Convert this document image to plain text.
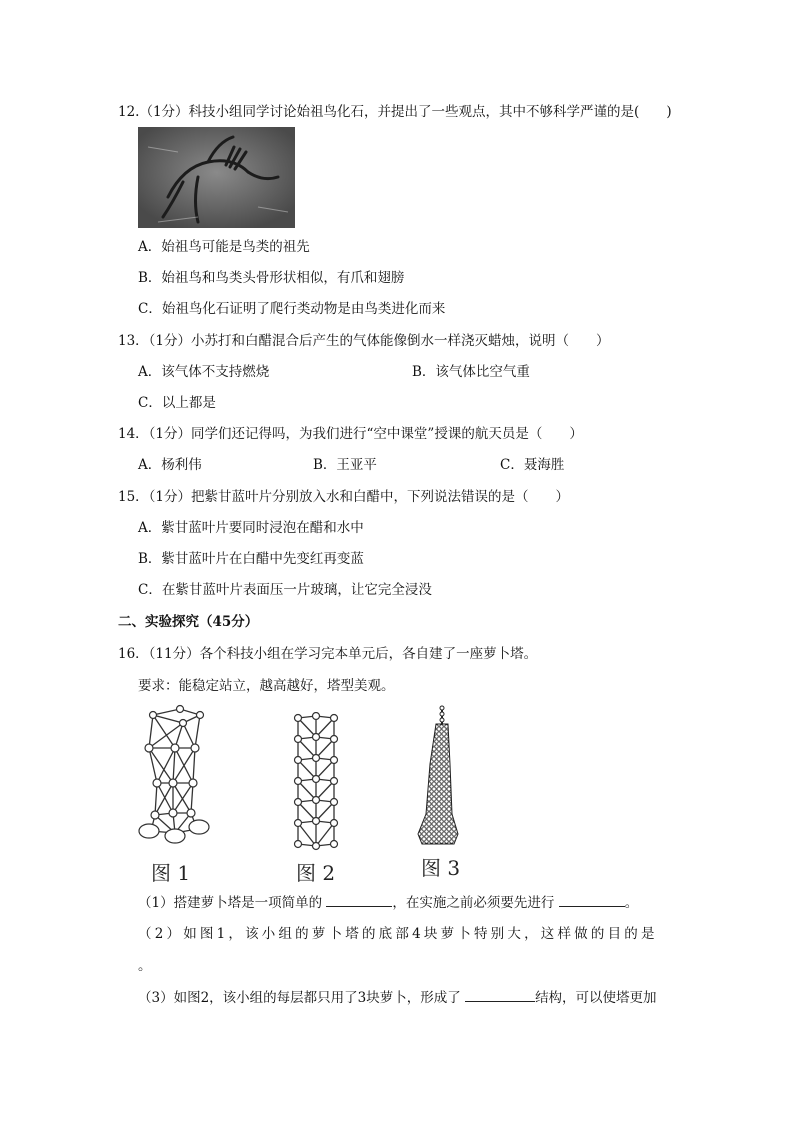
12.（1分）科技小组同学讨论始祖鸟化石，并提出了一些观点，其中不够科学严谨的是(　　)
A．始祖鸟可能是鸟类的祖先
B．始祖鸟和鸟类头骨形状相似，有爪和翅膀
C．始祖鸟化石证明了爬行类动物是由鸟类进化而来
13．（1分）小苏打和白醋混合后产生的气体能像倒水一样浇灭蜡烛，说明（　　）
A．该气体不支持燃烧	B．该气体比空气重
C．以上都是
14．（1分）同学们还记得吗，为我们进行“空中课堂”授课的航天员是（　　）
A．杨利伟	B．王亚平	C．聂海胜
15．（1分）把紫甘蓝叶片分别放入水和白醋中，下列说法错误的是（　　）
A．紫甘蓝叶片要同时浸泡在醋和水中
B．紫甘蓝叶片在白醋中先变红再变蓝
C．在紫甘蓝叶片表面压一片玻璃，让它完全浸没
二、实验探究（45分）
16．（11分）各个科技小组在学习完本单元后，各自建了一座萝卜塔。
要求：能稳定站立，越高越好，塔型美观。
图 1	图 2	图 3
（1）搭建萝卜塔是一项简单的	，在实施之前必须要先进行	。
（2）如图1，该小组的萝卜塔的底部4块萝卜特别大，这样做的目的是
。
（3）如图2，该小组的每层都只用了3块萝卜，形成了	结构，可以使塔更加
